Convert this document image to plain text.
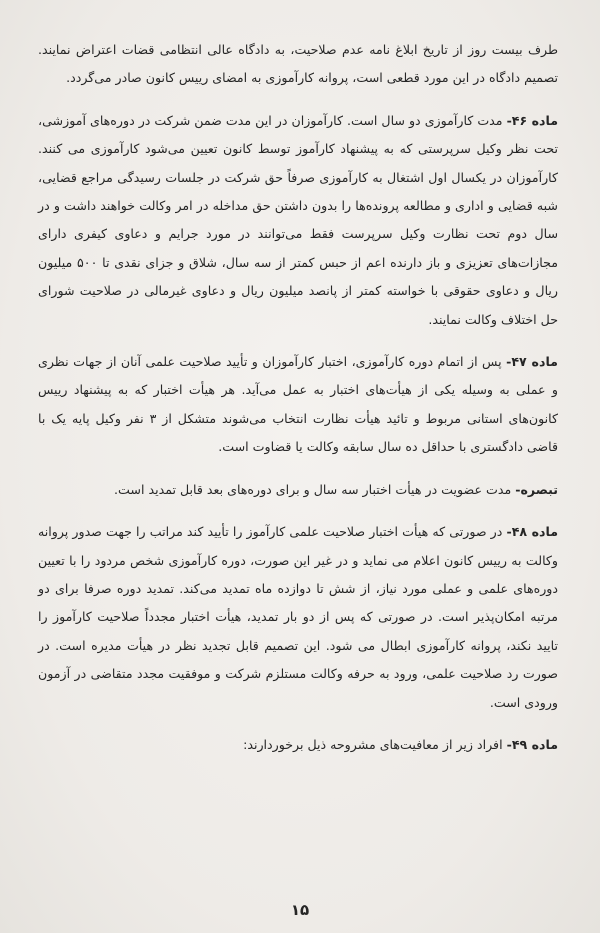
طرف بیست روز از تاریخ ابلاغ نامه عدم صلاحیت، به دادگاه عالی انتظامی قضات اعتراض نمایند. تصمیم دادگاه در این مورد قطعی است، پروانه کارآموزی به امضای رییس کانون صادر می‌گردد.

ماده ۴۶- مدت کارآموزی دو سال است. کارآموزان در این مدت ضمن شرکت در دوره‌های آموزشی، تحت نظر وکیل سرپرستی که به پیشنهاد کارآموز توسط کانون تعیین می‌شود کارآموزی می کنند. کارآموزان در یکسال اول اشتغال به کارآموزی صرفاً حق شرکت در جلسات رسیدگی مراجع قضایی، شبه قضایی و اداری و مطالعه پرونده‌ها را بدون داشتن حق مداخله در امر وکالت خواهند داشت و در سال دوم تحت نظارت وکیل سرپرست فقط می‌توانند در مورد جرایم و دعاوی کیفری دارای مجازات‌های تعزیزی و باز دارنده اعم از حبس کمتر از سه سال، شلاق و جزای نقدی تا ۵۰۰ میلیون ریال و دعاوی حقوقی با خواسته کمتر از پانصد میلیون ریال و دعاوی غیرمالی در صلاحیت شورای حل اختلاف وکالت نمایند.

ماده ۴۷- پس از اتمام دوره کارآموزی، اختبار کارآموزان و تأیید صلاحیت علمی آنان از جهات نظری و عملی به وسیله یکی از هیأت‌های اختبار به عمل می‌آید. هر هیأت اختبار که به پیشنهاد رییس کانون‌های استانی مربوط و تائید هیأت نظارت انتخاب می‌شوند متشکل از ۳ نفر وکیل پایه یک با قاضی دادگستری با حداقل ده سال سابقه وکالت یا قضاوت است.

تبصره- مدت عضویت در هیأت اختبار سه سال و برای دوره‌های بعد قابل تمدید است.

ماده ۴۸- در صورتی که هیأت اختبار صلاحیت علمی کارآموز را تأیید کند مراتب را جهت صدور پروانه وکالت به رییس کانون اعلام می نماید و در غیر این صورت، دوره کارآموزی شخص مردود را با تعیین دوره‌های علمی و عملی مورد نیاز، از شش تا دوازده ماه تمدید می‌کند. تمدید دوره صرفا برای دو مرتبه امکان‌پذیر است. در صورتی که پس از دو بار تمدید، هیأت اختبار مجدداً صلاحیت کارآموز را تایید نکند، پروانه کارآموزی ابطال می شود. این تصمیم قابل تجدید نظر در هیأت مدیره است. در صورت رد صلاحیت علمی، ورود به حرفه وکالت مستلزم شرکت و موفقیت مجدد متقاضی در آزمون ورودی است.

ماده ۴۹- افراد زیر از معافیت‌های مشروحه ذیل برخوردارند:

۱۵
